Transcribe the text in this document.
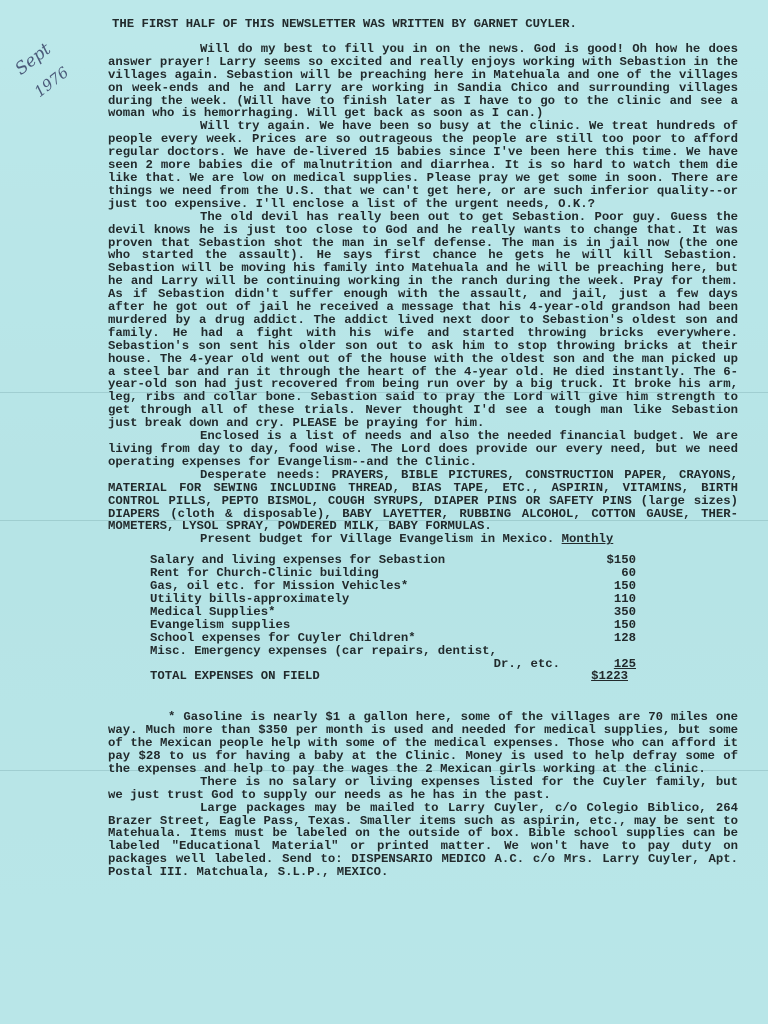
Sept
1976
THE FIRST HALF OF THIS NEWSLETTER WAS WRITTEN BY GARNET CUYLER.

Will do my best to fill you in on the news. God is good! Oh how he does answer prayer! Larry seems so excited and really enjoys working with Sebastion in the villages again. Sebastion will be preaching here in Matehuala and one of the villages on week-ends and he and Larry are working in Sandia Chico and surrounding villages during the week. (Will have to finish later as I have to go to the clinic and see a woman who is hemorrhaging. Will get back as soon as I can.)

Will try again. We have been so busy at the clinic. We treat hundreds of people every week. Prices are so outrageous the people are still too poor to afford regular doctors. We have de-livered 15 babies since I've been here this time. We have seen 2 more babies die of malnutrition and diarrhea. It is so hard to watch them die like that. We are low on medical supplies. Please pray we get some in soon. There are things we need from the U.S. that we can't get here, or are such inferior quality--or just too expensive. I'll enclose a list of the urgent needs, O.K.?

The old devil has really been out to get Sebastion. Poor guy. Guess the devil knows he is just too close to God and he really wants to change that. It was proven that Sebastion shot the man in self defense. The man is in jail now (the one who started the assault). He says first chance he gets he will kill Sebastion. Sebastion will be moving his family into Matehuala and he will be preaching here, but he and Larry will be continuing working in the ranch during the week. Pray for them. As if Sebastion didn't suffer enough with the assault, and jail, just a few days after he got out of jail he received a message that his 4-year-old grandson had been murdered by a drug addict. The addict lived next door to Sebastion's oldest son and family. He had a fight with his wife and started throwing bricks everywhere. Sebastion's son sent his older son out to ask him to stop throwing bricks at their house. The 4-year old went out of the house with the oldest son and the man picked up a steel bar and ran it through the heart of the 4-year old. He died instantly. The 6-year-old son had just recovered from being run over by a big truck. It broke his arm, leg, ribs and collar bone. Sebastion said to pray the Lord will give him strength to get through all of these trials. Never thought I'd see a tough man like Sebastion just break down and cry. PLEASE be praying for him.

Enclosed is a list of needs and also the needed financial budget. We are living from day to day, food wise. The Lord does provide our every need, but we need operating expenses for Evangelism--and the Clinic.

Desperate needs: PRAYERS, BIBLE PICTURES, CONSTRUCTION PAPER, CRAYONS, MATERIAL FOR SEWING INCLUDING THREAD, BIAS TAPE, ETC., ASPIRIN, VITAMINS, BIRTH CONTROL PILLS, PEPTO BISMOL, COUGH SYRUPS, DIAPER PINS OR SAFETY PINS (large sizes) DIAPERS (cloth & disposable), BABY LAYETTER, RUBBING ALCOHOL, COTTON GAUSE, THER-MOMETERS, LYSOL SPRAY, POWDERED MILK, BABY FORMULAS.

Present budget for Village Evangelism in Mexico. Monthly
Salary and living expenses for Sebastion	$150
Rent for Church-Clinic building	60
Gas, oil etc. for Mission Vehicles*	150
Utility bills-approximately	110
Medical Supplies*	350
Evangelism supplies	150
School expenses for Cuyler Children*	128
Misc. Emergency expenses (car repairs, dentist,	
Dr., etc.	125
TOTAL EXPENSES ON FIELD	$1223

* Gasoline is nearly $1 a gallon here, some of the villages are 70 miles one way. Much more than $350 per month is used and needed for medical supplies, but some of the Mexican people help with some of the medical expenses. Those who can afford it pay $28 to us for having a baby at the Clinic. Money is used to help defray some of the expenses and help to pay the wages the 2 Mexican girls working at the clinic.

There is no salary or living expenses listed for the Cuyler family, but we just trust God to supply our needs as he has in the past.

Large packages may be mailed to Larry Cuyler, c/o Colegio Biblico, 264 Brazer Street, Eagle Pass, Texas. Smaller items such as aspirin, etc., may be sent to Matehuala. Items must be labeled on the outside of box. Bible school supplies can be labeled "Educational Material" or printed matter. We won't have to pay duty on packages well labeled. Send to: DISPENSARIO MEDICO A.C. c/o Mrs. Larry Cuyler, Apt. Postal III. Matchuala, S.L.P., MEXICO.
